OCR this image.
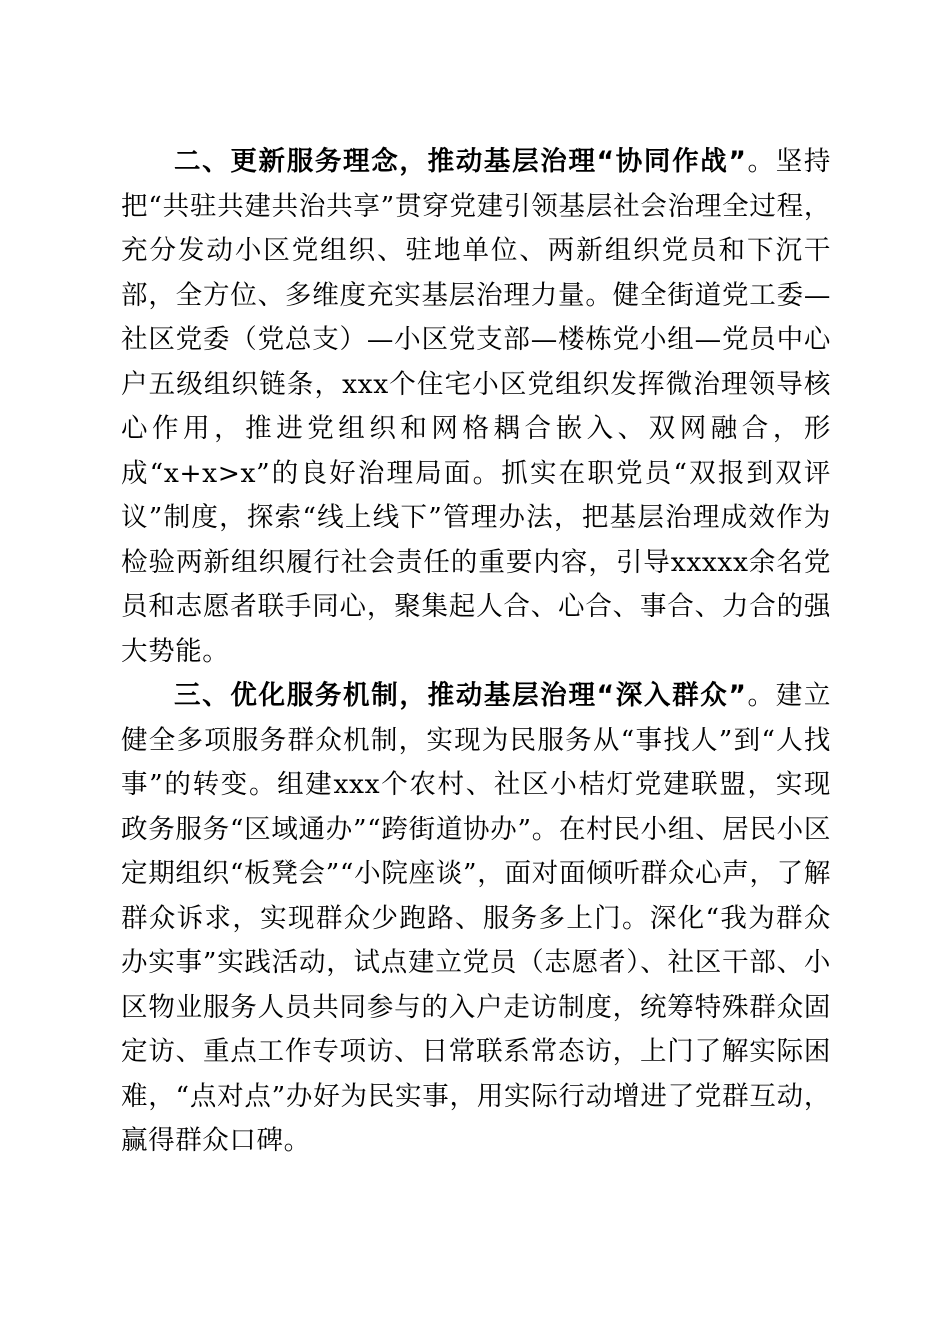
二、更新服务理念，推动基层治理“协同作战”。坚持把“共驻共建共治共享”贯穿党建引领基层社会治理全过程，充分发动小区党组织、驻地单位、两新组织党员和下沉干部，全方位、多维度充实基层治理力量。健全街道党工委—社区党委（党总支）—小区党支部—楼栋党小组—党员中心户五级组织链条，xxx个住宅小区党组织发挥微治理领导核心作用，推进党组织和网格耦合嵌入、双网融合，形成“x+x>x”的良好治理局面。抓实在职党员“双报到双评议”制度，探索“线上线下”管理办法，把基层治理成效作为检验两新组织履行社会责任的重要内容，引导xxxxx余名党员和志愿者联手同心，聚集起人合、心合、事合、力合的强大势能。

三、优化服务机制，推动基层治理“深入群众”。建立健全多项服务群众机制，实现为民服务从“事找人”到“人找事”的转变。组建xxx个农村、社区小桔灯党建联盟，实现政务服务“区域通办”“跨街道协办”。在村民小组、居民小区定期组织“板凳会”“小院座谈”，面对面倾听群众心声，了解群众诉求，实现群众少跑路、服务多上门。深化“我为群众办实事”实践活动，试点建立党员（志愿者）、社区干部、小区物业服务人员共同参与的入户走访制度，统筹特殊群众固定访、重点工作专项访、日常联系常态访，上门了解实际困难，“点对点”办好为民实事，用实际行动增进了党群互动，赢得群众口碑。
